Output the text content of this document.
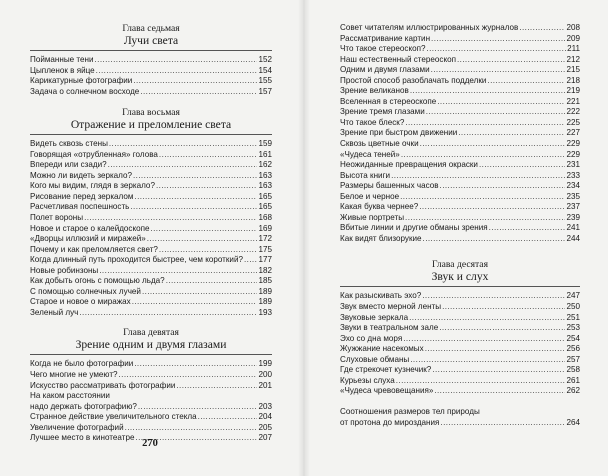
Глава седьмая
Лучи света
Пойманные тени .....	152
Цыпленок в яйце .....	154
Карикатурные фотографии .....	155
Задача о солнечном восходе .....	157
Глава восьмая
Отражение и преломление света
Видеть сквозь стены .....	159
Говорящая «отрубленная» голова .....	161
Впереди или сзади? .....	162
Можно ли видеть зеркало? .....	163
Кого мы видим, глядя в зеркало? .....	163
Рисование перед зеркалом .....	165
Расчетливая поспешность .....	165
Полет вороны .....	168
Новое и старое о калейдоскопе .....	169
«Дворцы иллюзий и миражей» .....	172
Почему и как преломляется свет? .....	175
Когда длинный путь проходится быстрее, чем короткий? ..... 177
Новые робинзоны .....	182
Как добыть огонь с помощью льда? .....	185
С помощью солнечных лучей .....	189
Старое и новое о миражах .....	189
Зеленый луч .....	193
Глава девятая
Зрение одним и двумя глазами
Когда не было фотографии .....	199
Чего многие не умеют? .....	200
Искусство рассматривать фотографии .....	201
На каком расстоянии
надо держать фотографию? .....	203
Странное действие увеличительного стекла .....	204
Увеличение фотографий .....	205
Лучшее место в кинотеатре .....	207
270
Совет читателям иллюстрированных журналов .....	208
Рассматривание картин .....	209
Что такое стереоскоп? .....	211
Наш естественный стереоскоп .....	212
Одним и двумя глазами .....	215
Простой способ разоблачать подделки .....	218
Зрение великанов .....	219
Вселенная в стереоскопе .....	221
Зрение тремя глазами .....	222
Что такое блеск? .....	225
Зрение при быстром движении .....	227
Сквозь цветные очки .....	229
«Чудеса теней» .....	229
Неожиданные превращения окраски .....	231
Высота книги .....	233
Размеры башенных часов .....	234
Белое и черное .....	235
Какая буква чернее? .....	237
Живые портреты .....	239
Вбитые линии и другие обманы зрения .....	241
Как видят близорукие .....	244
Глава десятая
Звук и слух
Как разыскивать эхо? .....	247
Звук вместо мерной ленты .....	250
Звуковые зеркала .....	251
Звуки в театральном зале .....	253
Эхо со дна моря .....	254
Жужжание насекомых .....	256
Слуховые обманы .....	257
Где стрекочет кузнечик? .....	258
Курьезы слуха .....	261
«Чудеса чревовещания» .....	262
Соотношения размеров тел природы
от протона до мироздания .....	264
